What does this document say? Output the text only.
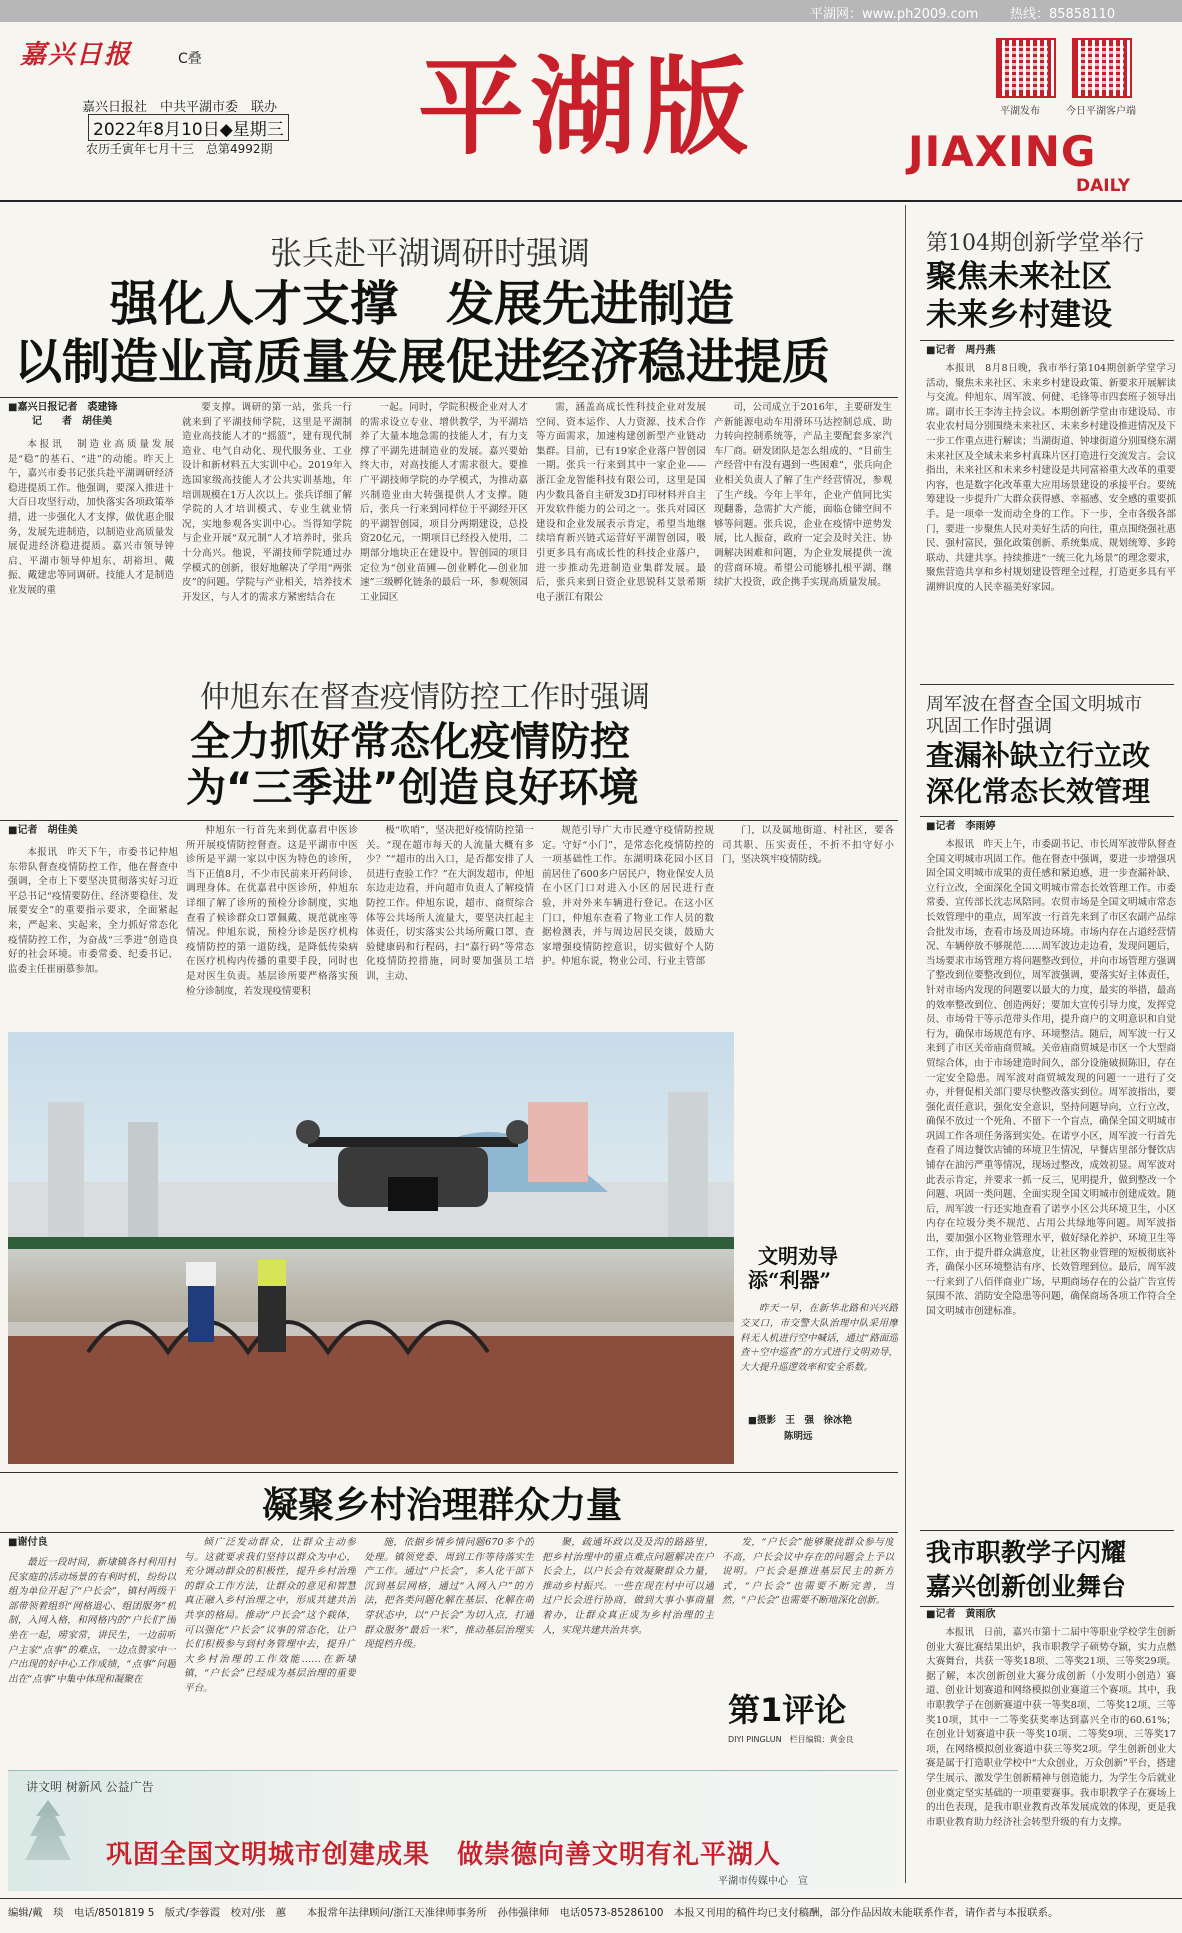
平湖网：www.ph2009.com 热线：85858110
嘉兴日报	C叠
嘉兴日报社　中共平湖市委　联办
2022年8月10日◆星期三
农历壬寅年七月十三　总第4992期 平湖版	平湖发布	今日平湖客户端
JIAXING
DAILY
张兵赴平湖调研时强调
强化人才支撑　发展先进制造
以制造业高质量发展促进经济稳进提质
■嘉兴日报记者　裘建锋
记　　者　胡佳美

本报讯　制造业高质量发展是“稳”的基石、“进”的动能。昨天上午，嘉兴市委书记张兵赴平湖调研经济稳进提质工作。他强调，要深入推进十大百日攻坚行动，加快落实各项政策举措，进一步强化人才支撑，做优惠企服务，发展先进制造，以制造业高质量发展促进经济稳进提质。嘉兴市领导钟启、平湖市领导仲旭东、胡裕坦、戴振、戴建忠等同调研。技能人才是制造业发展的重

要支撑。调研的第一站，张兵一行就来到了平湖技师学院，这里是平湖制造业高技能人才的“摇篮”，建有现代制造业、电气自动化、现代服务业、工业设计和新材料五大实训中心。2019年入选国家级高技能人才公共实训基地，年培训规模在1万人次以上。张兵详细了解学院的人才培训模式、专业生就业情况，实地参观各实训中心。当得知学院与企业开展“双元制”人才培养时，张兵十分高兴。他说，平湖技师学院通过办学模式的创新，很好地解决了学用“两张皮”的问题。学院与产业相关，培养技术开发区，与人才的需求方紧密结合在

一起。同时，学院积极企业对人才的需求设立专业、增供教学，为平湖培养了大量本地急需的技能人才，有力支撑了平湖先进制造业的发展。嘉兴要始终大市，对高技能人才需求很大。要推广平湖技师学院的办学模式，为推动嘉兴制造业由大转强提供人才支撑。随后，张兵一行来到同样位于平湖经开区的平湖智创园，项目分两期建设，总投资20亿元，一期项目已经投入使用，二期部分地块正在建设中。智创园的项目定位为“创业苗圃—创业孵化—创业加速”三级孵化链条的最后一环，参观领园工业园区

需，涵盖高成长性科技企业对发展空间、资本运作、人力资源、技术合作等方面需求，加速构建创新型产业链动集群。目前，已有19家企业落户智创园一期。张兵一行来到其中一家企业——浙江金龙智能科技有限公司，这里是国内少数具备自主研发3D打印材料并自主开发软件能力的公司之一。张兵对园区建设和企业发展表示肯定，希望当地继续培育新兴链式运营好平湖智创园，吸引更多具有高成长性的科技企业落户，进一步推动先进制造业集群发展。最后，张兵来到日资企业思锐科艾景希斯电子浙江有限公

司，公司成立于2016年，主要研发生产新能源电动车用滑环马达控制总成、助力转向控制系统等，产品主要配套多家汽车厂商。研发团队是怎么组成的、“目前生产经营中有没有遇到一些困难”，张兵向企业相关负责人了解了生产经营情况，参观了生产线。今年上半年，企业产值同比实现翻番，急需扩大产能，面临仓储空间不够等问题。张兵说，企业在疫情中逆势发展，比人振奋，政府一定会及时关注、协调解决困难和问题，为企业发展提供一流的营商环境。希望公司能够扎根平湖、继续扩大投资，政企携手实现高质量发展。

第104期创新学堂举行
聚焦未来社区
未来乡村建设
■记者　周丹燕

本报讯　8月8日晚，我市举行第104期创新学堂学习活动，聚焦未来社区、未来乡村建设政策、新要求开展解读与交流。仲旭东、周军波、何健、毛锋等市四套班子领导出席。副市长王李涛主持会议。本期创新学堂由市建设局、市农业农村局分别围绕未来社区、未来乡村建设推进情况及下一步工作重点进行解读；当湖街道、钟埭街道分别围绕东湖未来社区及全域未来乡村真珠片区打造进行交流发言。会议指出，未来社区和未来乡村建设是共同富裕重大改革的重要内容，也是数字化改革重大应用场景建设的承接平台。要统筹建设一步提升广大群众获得感、幸福感、安全感的重要抓手。是一项牵一发而动全身的工作。下一步，全市各级各部门，要进一步聚焦人民对美好生活的向往，重点围绕强社惠民、强村富民，强化政策创新、系统集成、规划统筹、多跨联动、共建共享。持续推进“一统三化九场景”的理念要求，聚焦营造共享和乡村规划建设管理全过程，打造更多具有平湖辨识度的人民幸福美好家园。

仲旭东在督查疫情防控工作时强调
全力抓好常态化疫情防控
为“三季进”创造良好环境
■记者　胡佳美

本报讯　昨天下午，市委书记仲旭东带队督查疫情防控工作，他在督查中强调，全市上下要坚决贯彻落实好习近平总书记“疫情要防住、经济要稳住、发展要安全”的重要指示要求，全面紧起来，严起来、实起来，全力抓好常态化疫情防控工作，为奋战“三季进”创造良好的社会环境。市委常委、纪委书记、监委主任崔丽慕参加。

仲旭东一行首先来到优嘉君中医诊所开展疫情防控督查。这是平湖市中医诊所是平湖一家以中医为特色的诊所，当下正值8月，不少市民前来开药问诊、调理身体。在优嘉君中医诊所，仲旭东详细了解了诊所的预检分诊制度，实地查看了候诊群众口罩佩戴、规范就座等情况。仲旭东说，预检分诊是医疗机构疫情防控的第一道防线，是降低传染病在医疗机构内传播的重要手段，同时也是对医生负责。基层诊所要严格落实预检分诊制度，若发现疫情要积

极“吹哨”，坚决把好疫情防控第一关。“现在超市每天的人流量大概有多少？”“超市的出入口，是否都安排了人员进行查验工作？”在大润发超市，仲旭东边走边看，并向超市负责人了解疫情防控工作。仲旭东说，超市、商贸综合体等公共场所人流量大，要坚决扛起主体责任，切实落实公共场所戴口罩、查验健康码和行程码，扫“嘉行码”等常态化疫情防控措施，同时要加强员工培训，主动、

规范引导广大市民遵守疫情防控规定。守好“小门”，是常态化疫情防控的一项基础性工作。东湖明珠花园小区目前居住了600多户居民户，物业保安人员在小区门口对进入小区的居民进行查验，并对外来车辆进行登记。在这小区门口，仲旭东查看了物业工作人员的数据检测表，并与周边居民交谈，鼓励大家增强疫情防控意识，切实做好个人防护。仲旭东说，物业公司、行业主管部

门，以及属地街道、村社区，要各司其职、压实责任，不折不扣守好小门，坚决筑牢疫情防线。

文明劝导
添“利器”

昨天一早，在新华北路和兴兴路交叉口，市交警大队治理中队采用摩科无人机进行空中喊话，通过“路面巡查＋空中巡查”的方式进行文明劝导，大大提升巡逻效率和安全系数。

■摄影　王　强　徐冰艳
陈明远
周军波在督查全国文明城市
巩固工作时强调
查漏补缺立行立改
深化常态长效管理
■记者　李雨婷

本报讯　昨天上午，市委副书记、市长周军波带队督查全国文明城市巩固工作。他在督查中强调，要进一步增强巩固全国文明城市成果的责任感和紧迫感，进一步查漏补缺、立行立改，全面深化全国文明城市常态长效管理工作。市委常委、宣传部长沈志凤陪同。农贸市场是全国文明城市常态长效管理中的重点，周军波一行首先来到了市区农副产品综合批发市场，查看市场及周边环境。市场内存在占道经营情况、车辆停放不够规范……周军波边走边看，发现问题后，当场要求市场管理方将问题整改到位，并向市场管理方强调了整改到位要整改到位，周军波强调，要落实好主体责任，针对市场内发现的问题要以最大的力度，最实的举措，最高的效率整改到位、创造两好；要加大宣传引导力度，发挥党员、市场骨干等示范带头作用，提升商户的文明意识和自觉行为，确保市场规范有序、环境整洁。随后，周军波一行又来到了市区关帝庙商贸城。关帝庙商贸城是市区一个大型商贸综合体，由于市场建造时间久，部分设施破损陈旧，存在一定安全隐患。周军波对商贸城发现的问题一一进行了交办，并督促相关部门要尽快整改落实到位。周军波指出，要强化责任意识，强化安全意识，坚持问题导向，立行立改，确保不放过一个死角、不留下一个盲点，确保全国文明城市巩固工作各项任务落到实处。在诺亨小区，周军波一行首先查看了周边餐饮店铺的环境卫生情况，早餐店里部分餐饮店铺存在油污严重等情况，现场过整改，成效初显。周军波对此表示肯定，并要求一抓一反三，见明提升，做到整改一个问题、巩固一类问题、全面实现全国文明城市创建成效。随后，周军波一行还实地查看了诺亨小区公共环境卫生，小区内存在垃圾分类不规范、占用公共绿地等问题。周军波指出，要加强小区物业管理水平，做好绿化养护、环境卫生等工作，由于提升群众满意度，让社区物业管理的短板彻底补齐，确保小区环境整洁有序、长效管理到位。最后，周军波一行来到了八佰伴商业广场，早期商场存在的公益广告宣传氛围不浓、消防安全隐患等问题，确保商场各项工作符合全国文明城市创建标准。

凝聚乡村治理群众力量
■谢付良

最近一段时间，新埭镇各村利用村民家庭的活动场景的有利时机，纷纷以组为单位开起了“户长会”，镇村两级干部带领着组织“网格退心、组团服务”机制，入网入格，和网格内的“户长们”围坐在一起，唠家常，讲民生，一边前听户主家“点事”的难点，一边点赞家中一户出现的好中心工作成绩，“点事”问题出在“点事”中集中体现和凝聚在

倾广泛发动群众，让群众主动参与。这就要求我们坚持以群众为中心，充分调动群众的积极性，提升乡村治理的群众工作方法，让群众的意见和智慧真正融入乡村治理之中，形成共建共治共享的格局。推动“户长会”这个载体，可以强化“户长会”议事的常态化，让户长们积极参与到村务管理中去，提升广大乡村治理的工作效能……在新埭镇，“户长会”已经成为基层治理的重要平台。

施，依据乡情乡情问题670多个的处理。镇领党委、周到工作等待落实生产工作。通过“户长会”，多人化干部下沉到基层网格，通过“入网入户”的方法，把各类问题化解在基层、化解在萌芽状态中，以“户长会”为切入点，打通群众服务“最后一米”，推动基层治理实现提档升级。

聚，疏通坏政以及及沟的路路里，把乡村治理中的重点难点问题解决在户长会上，以户长会有效凝聚群众力量，推动乡村振兴。一些在现在村中可以通过户长会进行协商，做到大事小事商量着办，让群众真正成为乡村治理的主人，实现共建共治共享。

发，“户长会”能够聚拢群众参与度不高，户长会议中存在的问题会上予以说明。户长会是推进基层民主的新方式，“户长会”也需要不断完善，当然，“户长会”也需要不断地深化创新。

第1评论
DIYI PINGLUN　栏目编辑：黄金良
我市职教学子闪耀
嘉兴创新创业舞台
■记者　黄雨欣

本报讯　日前，嘉兴市第十二届中等职业学校学生创新创业大赛比赛结果出炉，我市职教学子硕势夺颖，实力点燃大赛舞台，共获一等奖18项、二等奖21项、三等奖29项。据了解，本次创新创业大赛分成创新（小发明小创造）赛道、创业计划赛道和网络模拟创业赛道三个赛项。其中，我市职教学子在创新赛道中获一等奖8项、二等奖12项、三等奖10项，其中一二等奖获奖率达到嘉兴全市的60.61%；在创业计划赛道中获一等奖10项、二等奖9项、三等奖17项，在网络模拟创业赛道中获三等奖2项。学生创新创业大赛是属于打造职业学校中“大众创业，万众创新”平台，搭建学生展示、激发学生创新精神与创造能力，为学生今后就业创业奠定坚实基础的一项重要赛事。我市职教学子在赛场上的出色表现，是我市职业教育改革发展成效的体现，更是我市职业教育助力经济社会转型升级的有力支撑。

讲文明 树新风 公益广告
巩固全国文明城市创建成果　做崇德向善文明有礼平湖人
平湖市传媒中心　宣
编辑/戴　琰　电话/8501819 5　版式/李蓉霞　校对/张　蕙　　本报常年法律顾问/浙江天准律师事务所　孙伟强律师　电话0573-85286100　本报又刊用的稿件均已支付稿酬，部分作品因故未能联系作者，请作者与本报联系。
